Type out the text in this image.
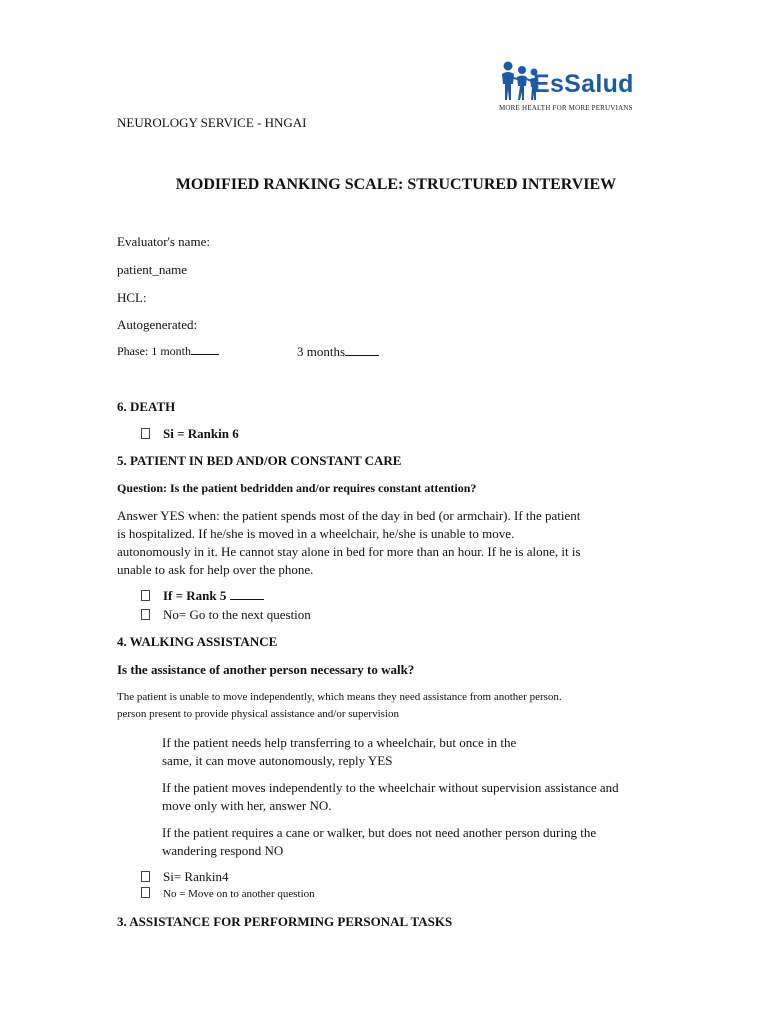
EsSalud
MORE HEALTH FOR MORE PERUVIANS
NEUROLOGY SERVICE - HNGAI
MODIFIED RANKING SCALE: STRUCTURED INTERVIEW
Evaluator's name:
patient_name
HCL:
Autogenerated:
Phase: 1 month	3 months
6. DEATH
Si = Rankin 6
5. PATIENT IN BED AND/OR CONSTANT CARE
Question: Is the patient bedridden and/or requires constant attention?
Answer YES when: the patient spends most of the day in bed (or armchair). If the patient
is hospitalized. If he/she is moved in a wheelchair, he/she is unable to move.
autonomously in it. He cannot stay alone in bed for more than an hour. If he is alone, it is
unable to ask for help over the phone.
If = Rank 5
No= Go to the next question
4. WALKING ASSISTANCE
Is the assistance of another person necessary to walk?
The patient is unable to move independently, which means they need assistance from another person.
person present to provide physical assistance and/or supervision
If the patient needs help transferring to a wheelchair, but once in the
same, it can move autonomously, reply YES
If the patient moves independently to the wheelchair without supervision assistance and
move only with her, answer NO.
If the patient requires a cane or walker, but does not need another person during the
wandering respond NO
Si= Rankin4
No = Move on to another question
3. ASSISTANCE FOR PERFORMING PERSONAL TASKS
